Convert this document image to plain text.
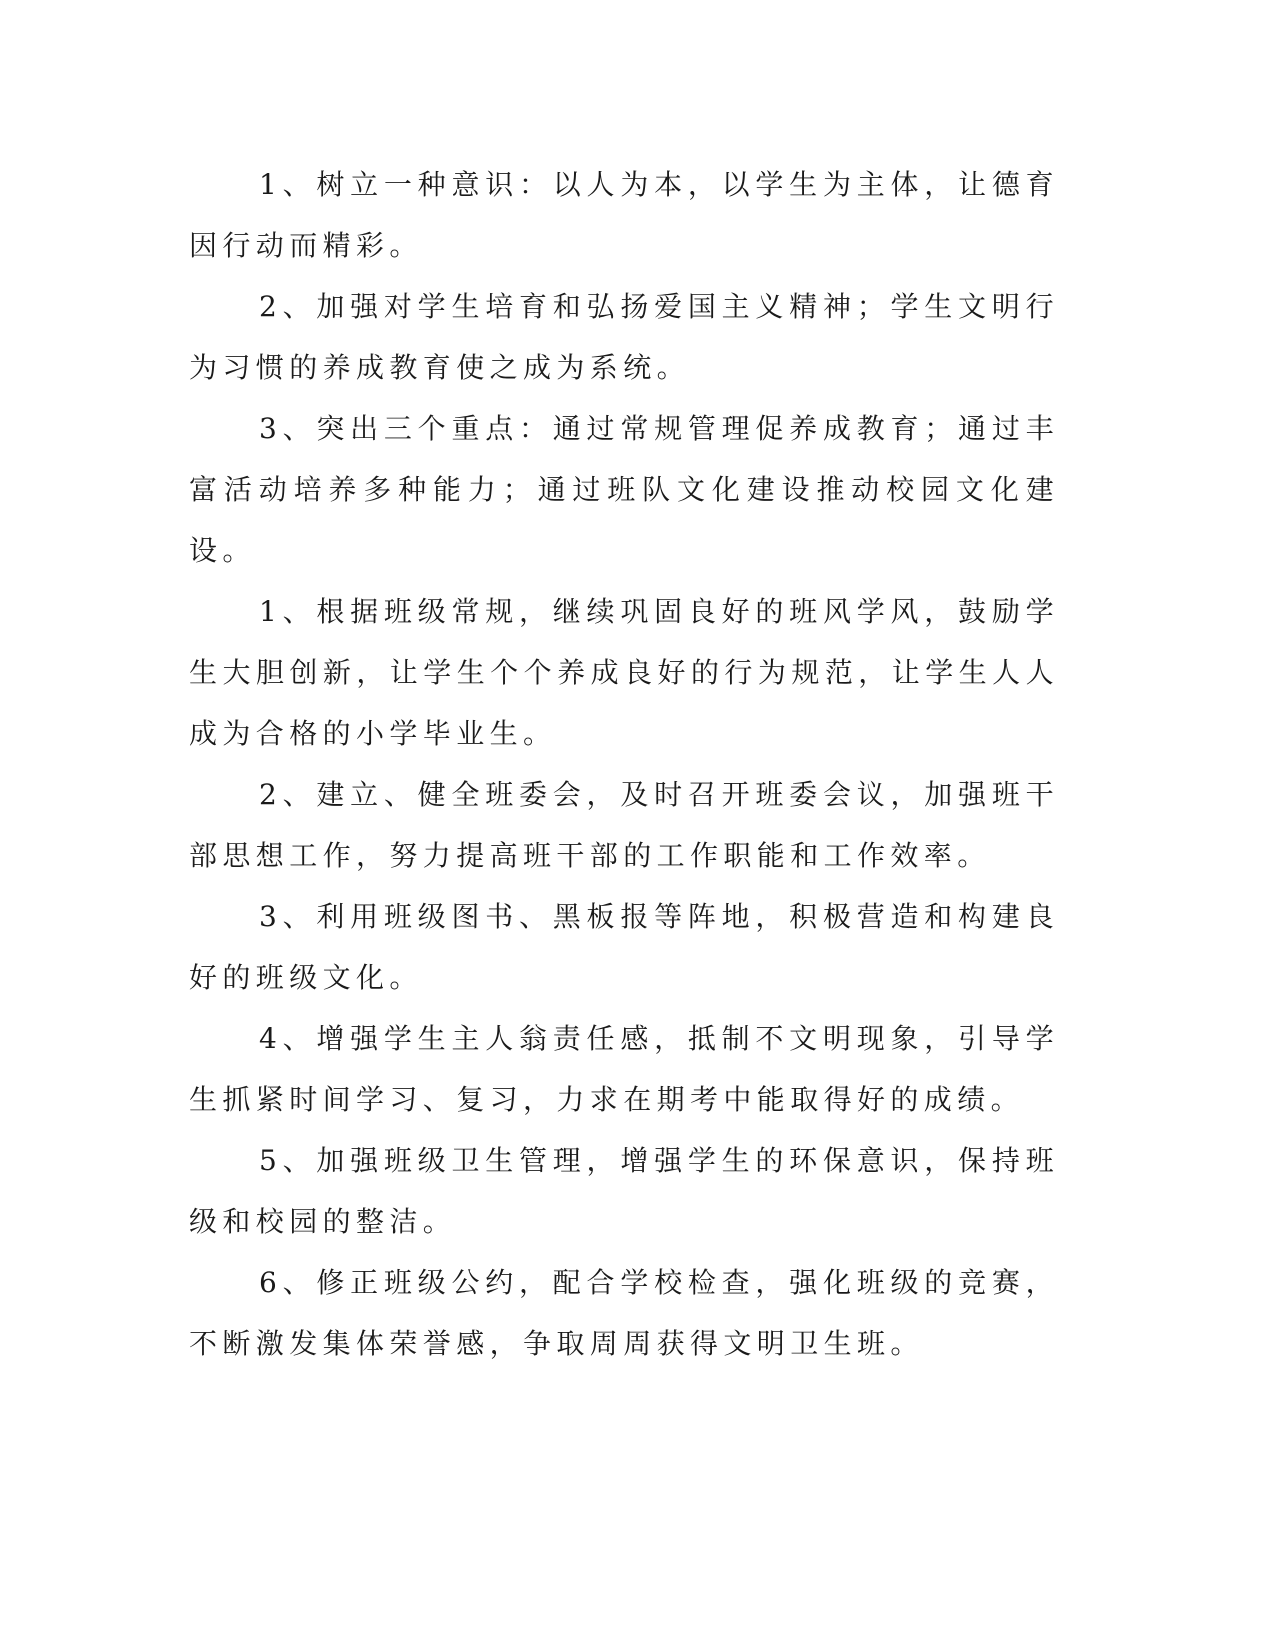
1、树立一种意识：以人为本，以学生为主体，让德育因行动而精彩。

2、加强对学生培育和弘扬爱国主义精神；学生文明行为习惯的养成教育使之成为系统。

3、突出三个重点：通过常规管理促养成教育；通过丰富活动培养多种能力；通过班队文化建设推动校园文化建设。

1、根据班级常规，继续巩固良好的班风学风，鼓励学生大胆创新，让学生个个养成良好的行为规范，让学生人人成为合格的小学毕业生。

2、建立、健全班委会，及时召开班委会议，加强班干部思想工作，努力提高班干部的工作职能和工作效率。

3、利用班级图书、黑板报等阵地，积极营造和构建良好的班级文化。

4、增强学生主人翁责任感，抵制不文明现象，引导学生抓紧时间学习、复习，力求在期考中能取得好的成绩。

5、加强班级卫生管理，增强学生的环保意识，保持班级和校园的整洁。

6、修正班级公约，配合学校检查，强化班级的竞赛，不断激发集体荣誉感，争取周周获得文明卫生班。
